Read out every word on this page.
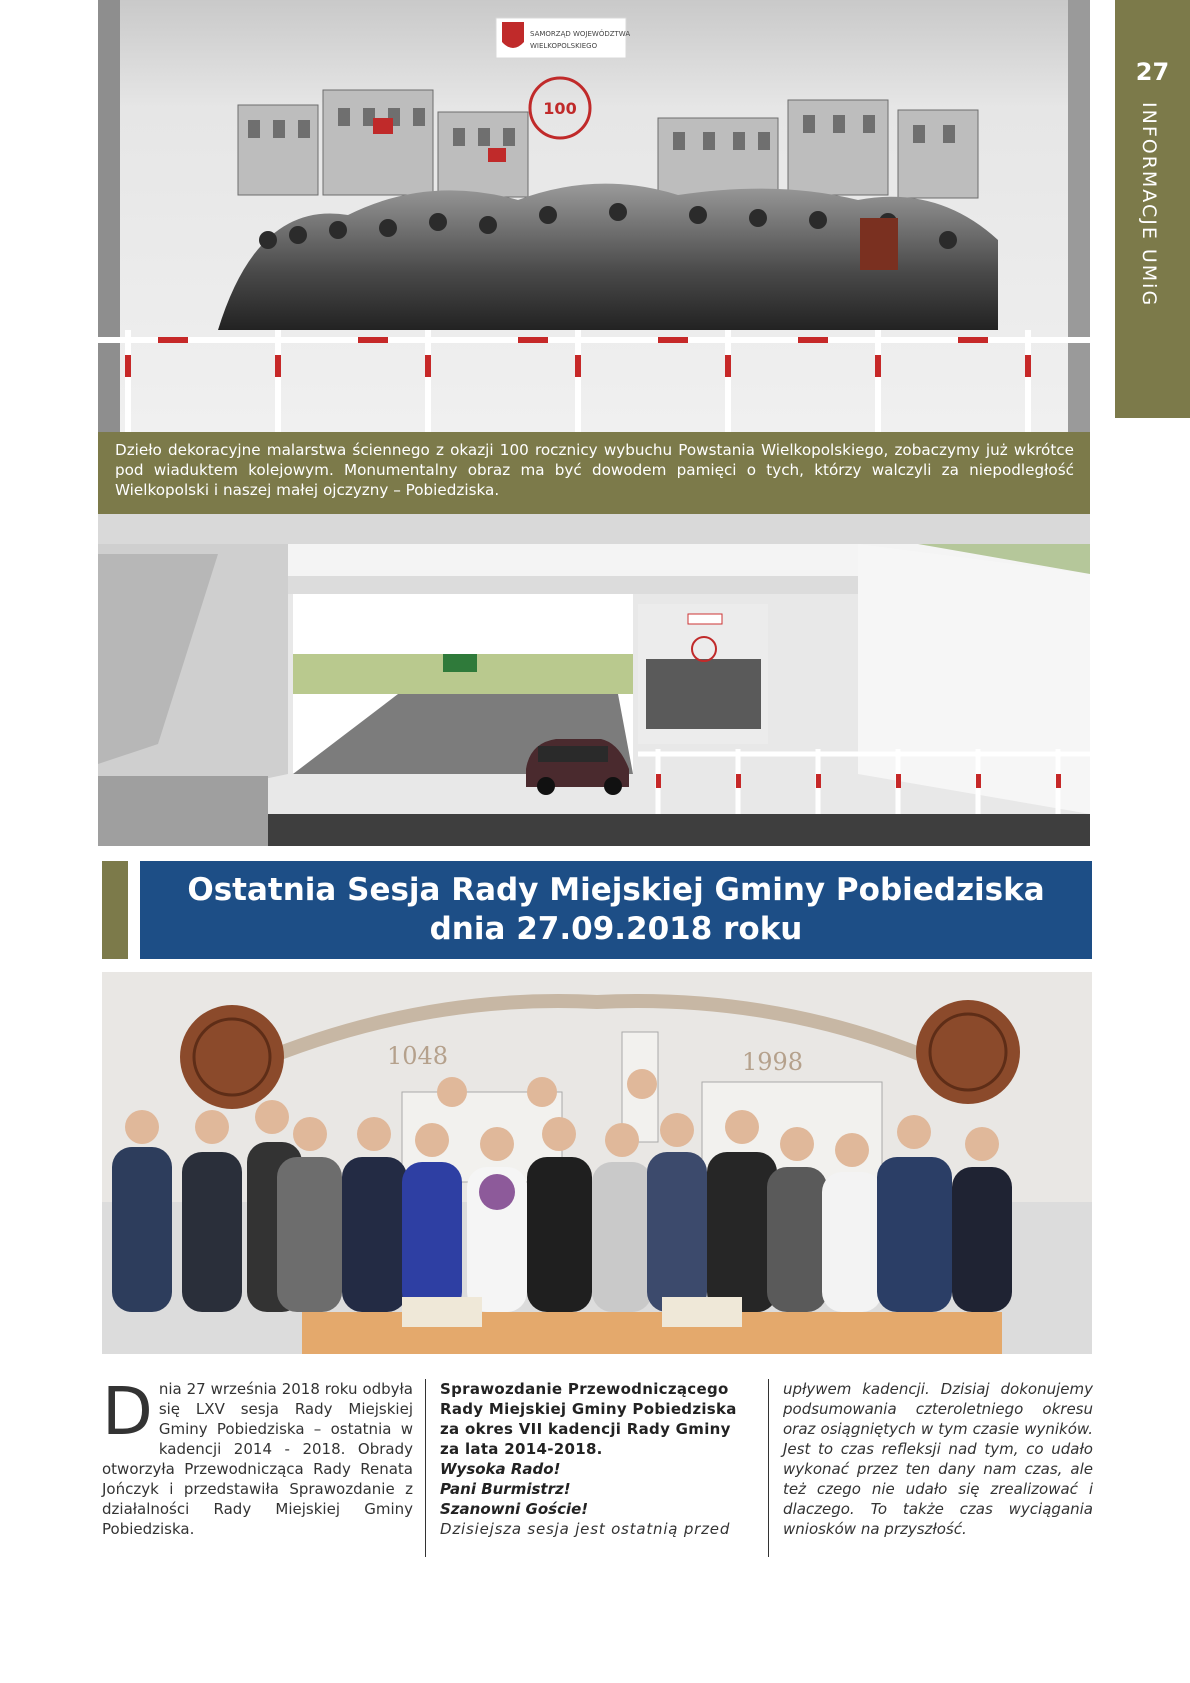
27
INFORMACJE UMiG
SAMORZĄD WOJEWÓDZTWA
WIELKOPOLSKIEGO
100
Dzieło dekoracyjne malarstwa ściennego z okazji 100 rocznicy wybuchu Powstania Wielkopolskiego, zobaczymy już wkrótce pod wiaduktem kolejowym. Monumentalny obraz ma być dowodem pamięci o tych, którzy walczyli za niepodległość Wielkopolski i naszej małej ojczyzny – Pobiedziska.
Ostatnia Sesja Rady Miejskiej Gminy Pobiedziska
dnia 27.09.2018 roku
1048	1998
D nia 27 września 2018 roku odbyła się LXV sesja Rady Miejskiej Gminy Pobiedziska – ostatnia w kadencji 2014 - 2018. Obrady otworzyła Przewodnicząca Rady Renata Jończyk i przedstawiła Sprawozdanie z działalności Rady Miejskiej Gminy Pobiedziska.
Sprawozdanie Przewodniczącego Rady Miejskiej Gminy Pobiedziska za okres VII kadencji Rady Gminy za lata 2014-2018.
Wysoka Rado!
Pani Burmistrz!
Szanowni Goście!
Dzisiejsza sesja jest ostatnią przed
upływem kadencji. Dzisiaj dokonujemy podsumowania czteroletniego okresu oraz osiągniętych w tym czasie wyników. Jest to czas refleksji nad tym, co udało wykonać przez ten dany nam czas, ale też czego nie udało się zrealizować i dlaczego. To także czas wyciągania wniosków na przyszłość.
